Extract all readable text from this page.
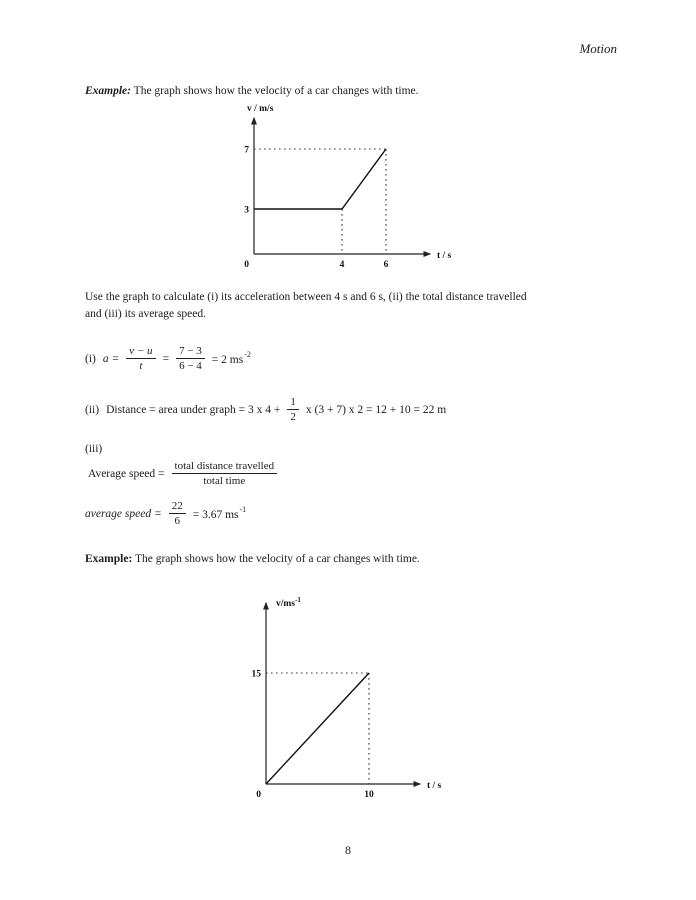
Motion

Example: The graph shows how the velocity of a car changes with time.

v / m/s
t / s
4	6
3
7
0

Use the graph to calculate (i) its acceleration between 4 s and 6 s, (ii) the total distance travelled
and (iii) its average speed.

(i) $a = \frac{v - u}{t} = \frac{7 - 3}{6 - 4} = 2$ $ms^{-2}$
(ii) Distance = area under graph = 3 x $4 + \frac{1}{2}$ x (3 + 7) x 2 = 12 + 10 = 22 m
(iii)
Average speed = $\frac{\text{total distance travelled}}{\text{total time}}$
average speed = $\frac{22}{6} = 3.67$ $ms^{-1}$

Example: The graph shows how the velocity of a car changes with time.

$v/ms^{-1}$
t / s
10
15
0
8
